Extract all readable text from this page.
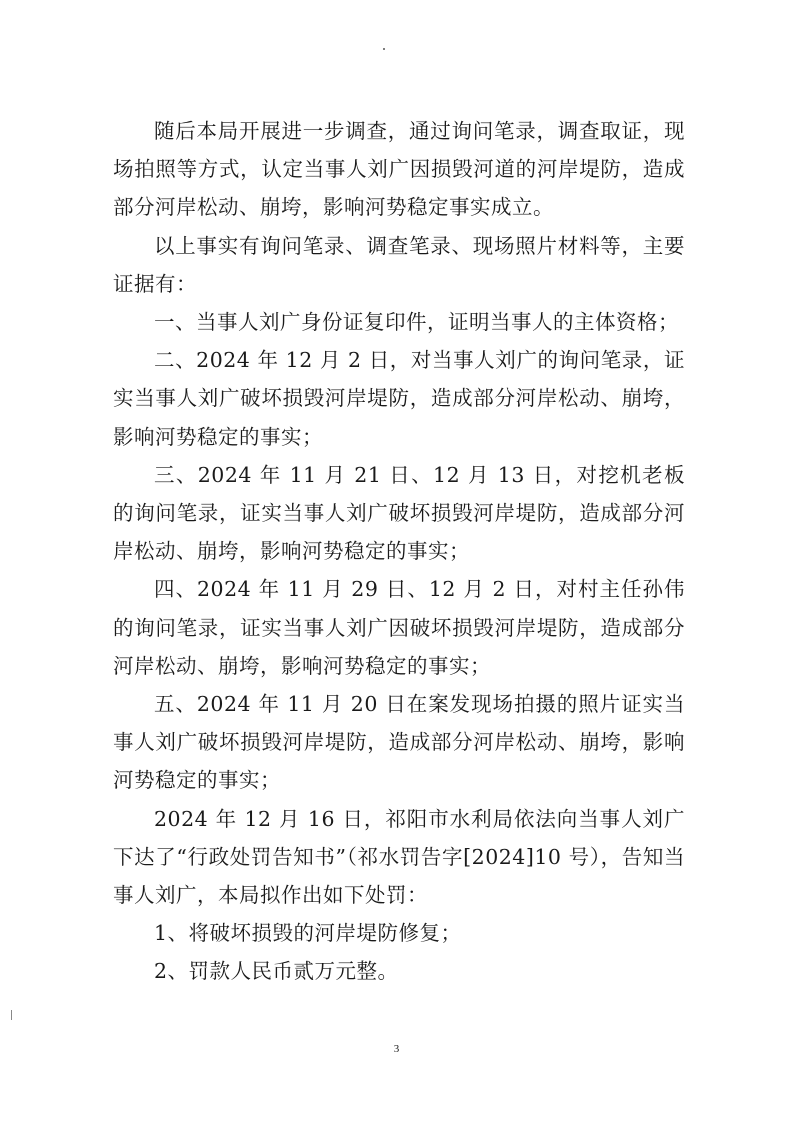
随后本局开展进一步调查，通过询问笔录，调查取证，现场拍照等方式，认定当事人刘广因损毁河道的河岸堤防，造成部分河岸松动、崩垮，影响河势稳定事实成立。

以上事实有询问笔录、调查笔录、现场照片材料等，主要证据有：

一、当事人刘广身份证复印件，证明当事人的主体资格；

二、2024 年 12 月 2 日，对当事人刘广的询问笔录，证实当事人刘广破坏损毁河岸堤防，造成部分河岸松动、崩垮，影响河势稳定的事实；

三、2024 年 11 月 21 日、12 月 13 日，对挖机老板的询问笔录，证实当事人刘广破坏损毁河岸堤防，造成部分河岸松动、崩垮，影响河势稳定的事实；

四、2024 年 11 月 29 日、12 月 2 日，对村主任孙伟的询问笔录，证实当事人刘广因破坏损毁河岸堤防，造成部分河岸松动、崩垮，影响河势稳定的事实；

五、2024 年 11 月 20 日在案发现场拍摄的照片证实当事人刘广破坏损毁河岸堤防，造成部分河岸松动、崩垮，影响河势稳定的事实；

2024 年 12 月 16 日，祁阳市水利局依法向当事人刘广下达了“行政处罚告知书”（祁水罚告字[2024]10 号），告知当事人刘广，本局拟作出如下处罚：

1、将破坏损毁的河岸堤防修复；

2、罚款人民币贰万元整。

3
